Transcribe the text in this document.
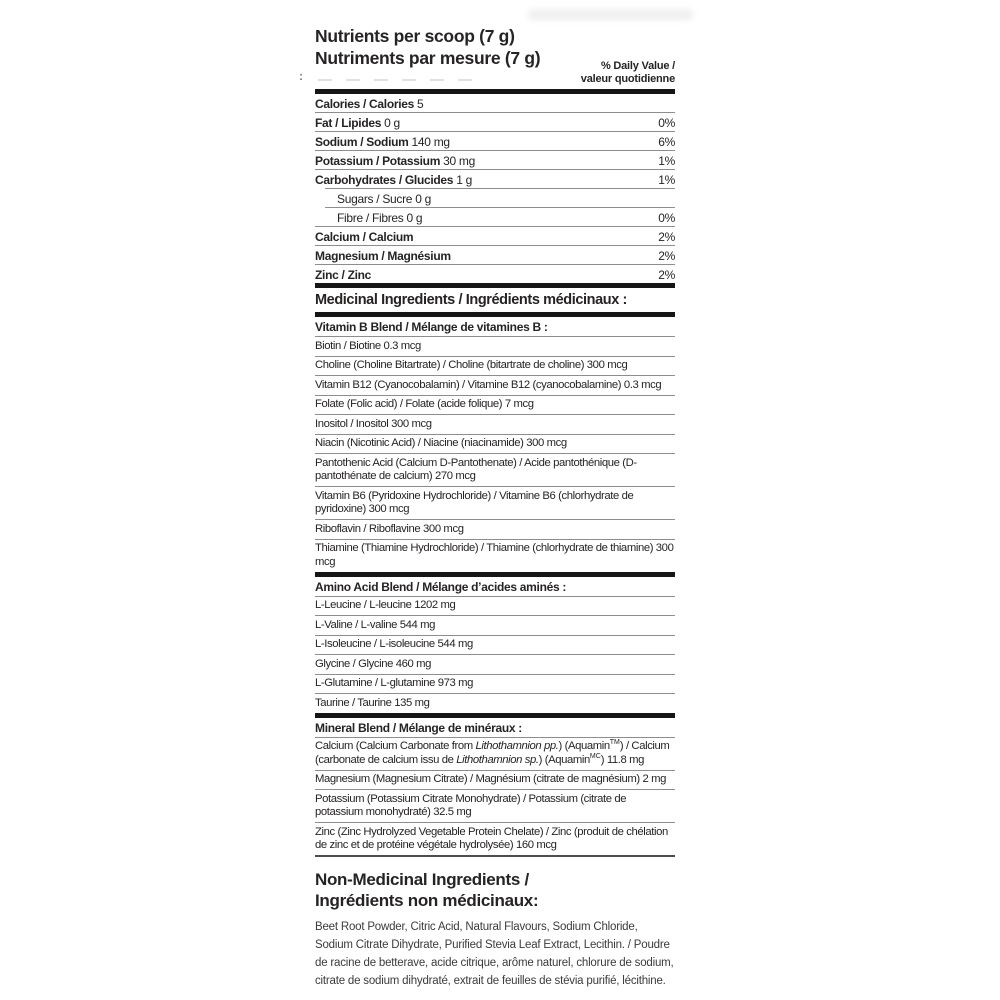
:
Nutrients per scoop (7 g)
Nutriments par mesure (7 g)	% Daily Value /
valeur quotidienne
Calories / Calories 5
Fat / Lipides 0 g	0%
Sodium / Sodium 140 mg	6%
Potassium / Potassium 30 mg	1%
Carbohydrates / Glucides 1 g	1%
Sugars / Sucre 0 g
Fibre / Fibres 0 g	0%
Calcium / Calcium	2%
Magnesium / Magnésium	2%
Zinc / Zinc	2%
Medicinal Ingredients / Ingrédients médicinaux :
Vitamin B Blend / Mélange de vitamines B :
Biotin / Biotine 0.3 mcg
Choline (Choline Bitartrate) / Choline (bitartrate de choline) 300 mcg
Vitamin B12 (Cyanocobalamin) / Vitamine B12 (cyanocobalamine) 0.3 mcg
Folate (Folic acid) / Folate (acide folique) 7 mcg
Inositol / Inositol 300 mcg
Niacin (Nicotinic Acid) / Niacine (niacinamide) 300 mcg
Pantothenic Acid (Calcium D-Pantothenate) / Acide pantothénique (D-pantothénate de calcium) 270 mcg
Vitamin B6 (Pyridoxine Hydrochloride) / Vitamine B6 (chlorhydrate de pyridoxine) 300 mcg
Riboflavin / Riboflavine 300 mcg
Thiamine (Thiamine Hydrochloride) / Thiamine (chlorhydrate de thiamine) 300 mcg
Amino Acid Blend / Mélange d’acides aminés :
L-Leucine / L-leucine 1202 mg
L-Valine / L-valine 544 mg
L-Isoleucine / L-isoleucine 544 mg
Glycine / Glycine 460 mg
L-Glutamine / L-glutamine 973 mg
Taurine / Taurine 135 mg
Mineral Blend / Mélange de minéraux :
Calcium (Calcium Carbonate from Lithothamnion pp.) (Aquamin™) / Calcium (carbonate de calcium issu de Lithothamnion sp.) (Aquamin$^{MC}$) 11.8 mg
Magnesium (Magnesium Citrate) / Magnésium (citrate de magnésium) 2 mg
Potassium (Potassium Citrate Monohydrate) / Potassium (citrate de potassium monohydraté) 32.5 mg
Zinc (Zinc Hydrolyzed Vegetable Protein Chelate) / Zinc (produit de chélation de zinc et de protéine végétale hydrolysée) 160 mcg
Non-Medicinal Ingredients /
Ingrédients non médicinaux:
Beet Root Powder, Citric Acid, Natural Flavours, Sodium Chloride, Sodium Citrate Dihydrate, Purified Stevia Leaf Extract, Lecithin. / Poudre de racine de betterave, acide citrique, arôme naturel, chlorure de sodium, citrate de sodium dihydraté, extrait de feuilles de stévia purifié, lécithine.
